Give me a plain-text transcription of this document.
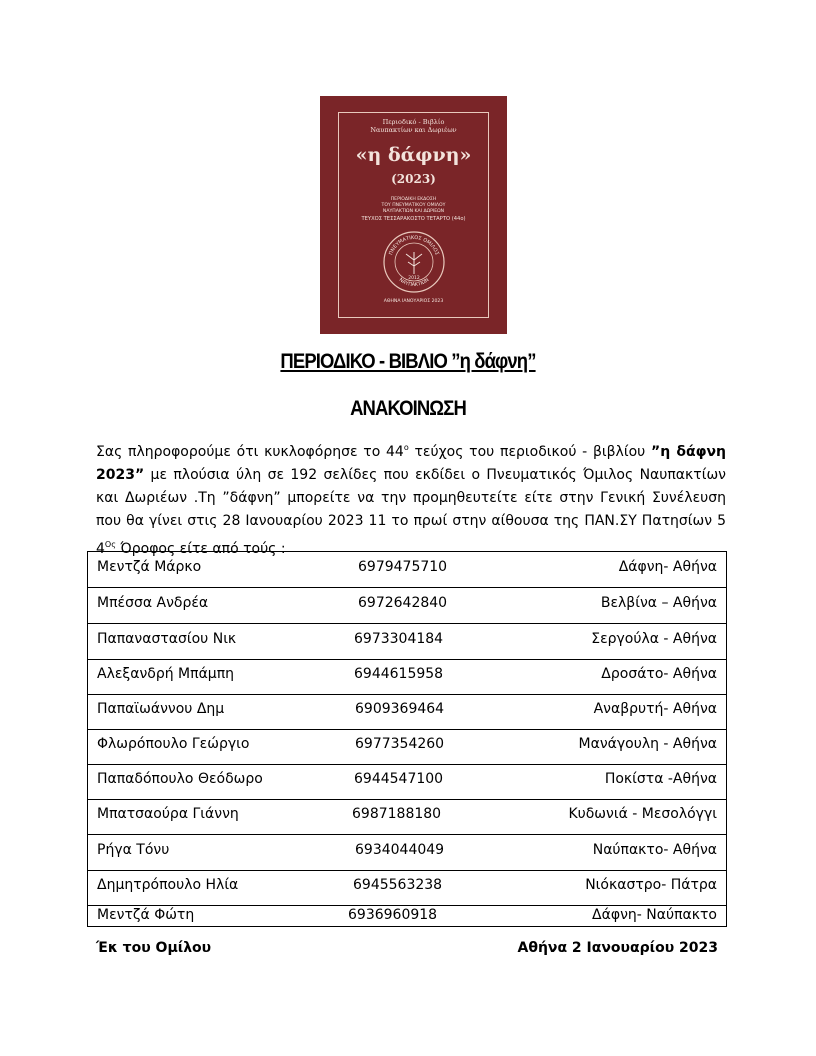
Περιοδικό - Βιβλίο
Ναυπακτίων και Δωριέων
«η δάφνη»
(2023)
ΠΕΡΙΟΔΙΚΗ ΕΚΔΟΣΗ
ΤΟΥ ΠΝΕΥΜΑΤΙΚΟΥ ΟΜΙΛΟΥ
ΝΑΥΠΑΚΤΙΩΝ ΚΑΙ ΔΩΡΙΕΩΝ
ΤΕΥΧΟΣ ΤΕΣΣΑΡΑΚΟΣΤΟ ΤΕΤΑΡΤΟ (44ο)
ΠΝΕΥΜΑΤΙΚΟΣ ΟΜΙΛΟΣ
ΝΑΥΠΑΚΤΙΩΝ
2012
ΑΘΗΝΑ ΙΑΝΟΥΑΡΙΟΣ 2023
ΠΕΡΙΟΔΙΚΟ - ΒΙΒΛΙΟ ”η δάφνη”
ΑΝΑΚΟΙΝΩΣΗ
Σας πληροφορούμε ότι κυκλοφόρησε το $44^o$ τεύχος του περιοδικού - βιβλίου ”η δάφνη 2023” με πλούσια ύλη σε 192 σελίδες που εκδίδει ο Πνευματικός Όμιλος Ναυπακτίων και Δωριέων .Τη ”δάφνη” μπορείτε να την προμηθευτείτε είτε στην Γενική Συνέλευση που θα γίνει στις 28 Ιανουαρίου 2023 11 το πρωί στην αίθουσα της ΠΑΝ.ΣΥ Πατησίων 5 $4^{O\varsigma}$ Όροφος είτε από τούς :
Μεντζά Μάρκο	6979475710	Δάφνη- Αθήνα
Μπέσσα Ανδρέα	6972642840	Βελβίνα – Αθήνα
Παπαναστασίου Νικ	6973304184	Σεργούλα - Αθήνα
Αλεξανδρή Μπάμπη	6944615958	Δροσάτο- Αθήνα
Παπαϊωάννου Δημ	6909369464	Αναβρυτή- Αθήνα
Φλωρόπουλο Γεώργιο	6977354260	Μανάγουλη - Αθήνα
Παπαδόπουλο Θεόδωρο	6944547100	Ποκίστα -Αθήνα
Μπατσαούρα Γιάννη	6987188180	Κυδωνιά - Μεσολόγγι
Ρήγα Τόνυ	6934044049	Ναύπακτο- Αθήνα
Δημητρόπουλο Ηλία	6945563238	Νιόκαστρο- Πάτρα
Μεντζά Φώτη	6936960918	Δάφνη- Ναύπακτο
Έκ του Ομίλου	Αθήνα 2 Ιανουαρίου 2023
